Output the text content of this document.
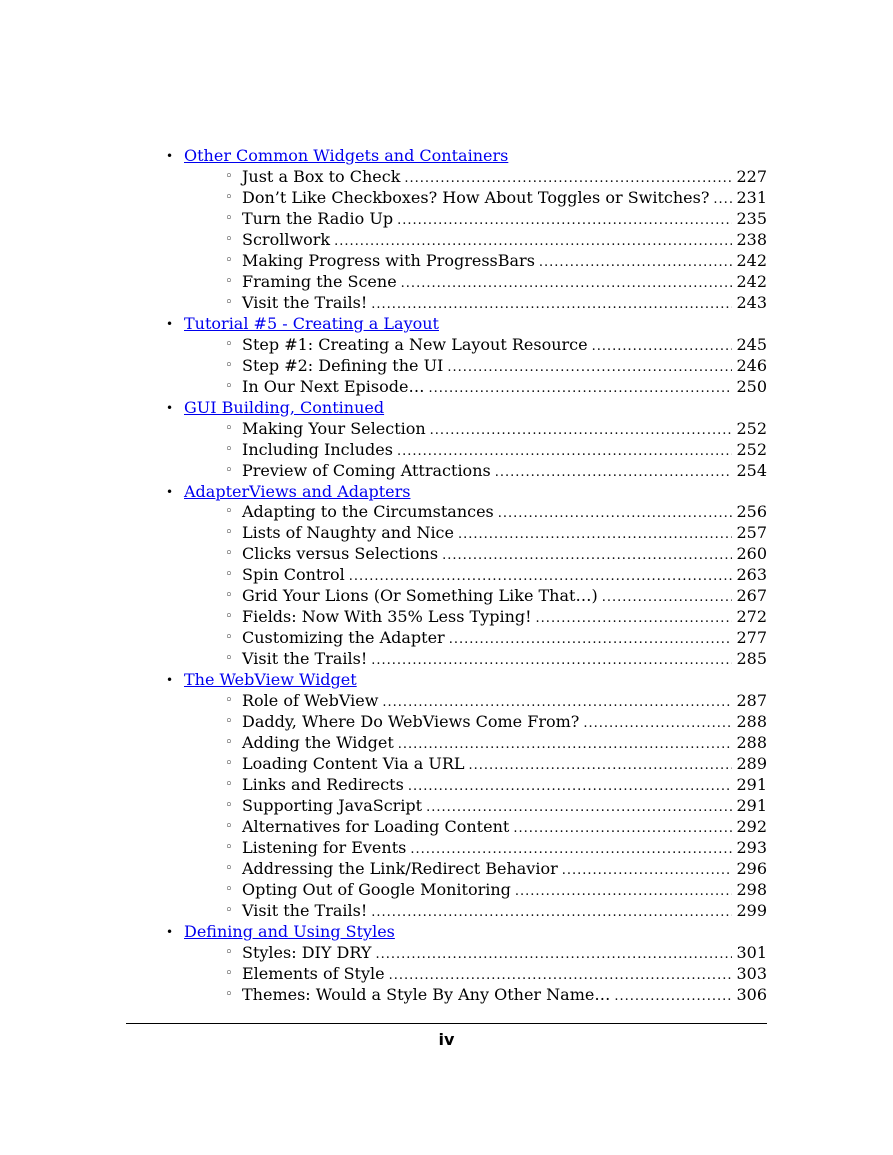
• Other Common Widgets and Containers
◦ Just a Box to Check .....	227
◦ Don’t Like Checkboxes? How About Toggles or Switches? ..... 231
◦ Turn the Radio Up .....	235
◦ Scrollwork .....	238
◦ Making Progress with ProgressBars .....	242
◦ Framing the Scene .....	242
◦ Visit the Trails! .....	243
• Tutorial #5 - Creating a Layout
◦ Step #1: Creating a New Layout Resource .....	245
◦ Step #2: Defining the UI .....	246
◦ In Our Next Episode… .....	250
• GUI Building, Continued
◦ Making Your Selection .....	252
◦ Including Includes .....	252
◦ Preview of Coming Attractions .....	254
• AdapterViews and Adapters
◦ Adapting to the Circumstances .....	256
◦ Lists of Naughty and Nice .....	257
◦ Clicks versus Selections .....	260
◦ Spin Control .....	263
◦ Grid Your Lions (Or Something Like That…) .....	267
◦ Fields: Now With 35% Less Typing! .....	272
◦ Customizing the Adapter .....	277
◦ Visit the Trails! .....	285
• The WebView Widget
◦ Role of WebView .....	287
◦ Daddy, Where Do WebViews Come From? .....	288
◦ Adding the Widget .....	288
◦ Loading Content Via a URL .....	289
◦ Links and Redirects .....	291
◦ Supporting JavaScript .....	291
◦ Alternatives for Loading Content .....	292
◦ Listening for Events .....	293
◦ Addressing the Link/Redirect Behavior .....	296
◦ Opting Out of Google Monitoring .....	298
◦ Visit the Trails! .....	299
• Defining and Using Styles
◦ Styles: DIY DRY .....	301
◦ Elements of Style .....	303
◦ Themes: Would a Style By Any Other Name… .....	306
iv
